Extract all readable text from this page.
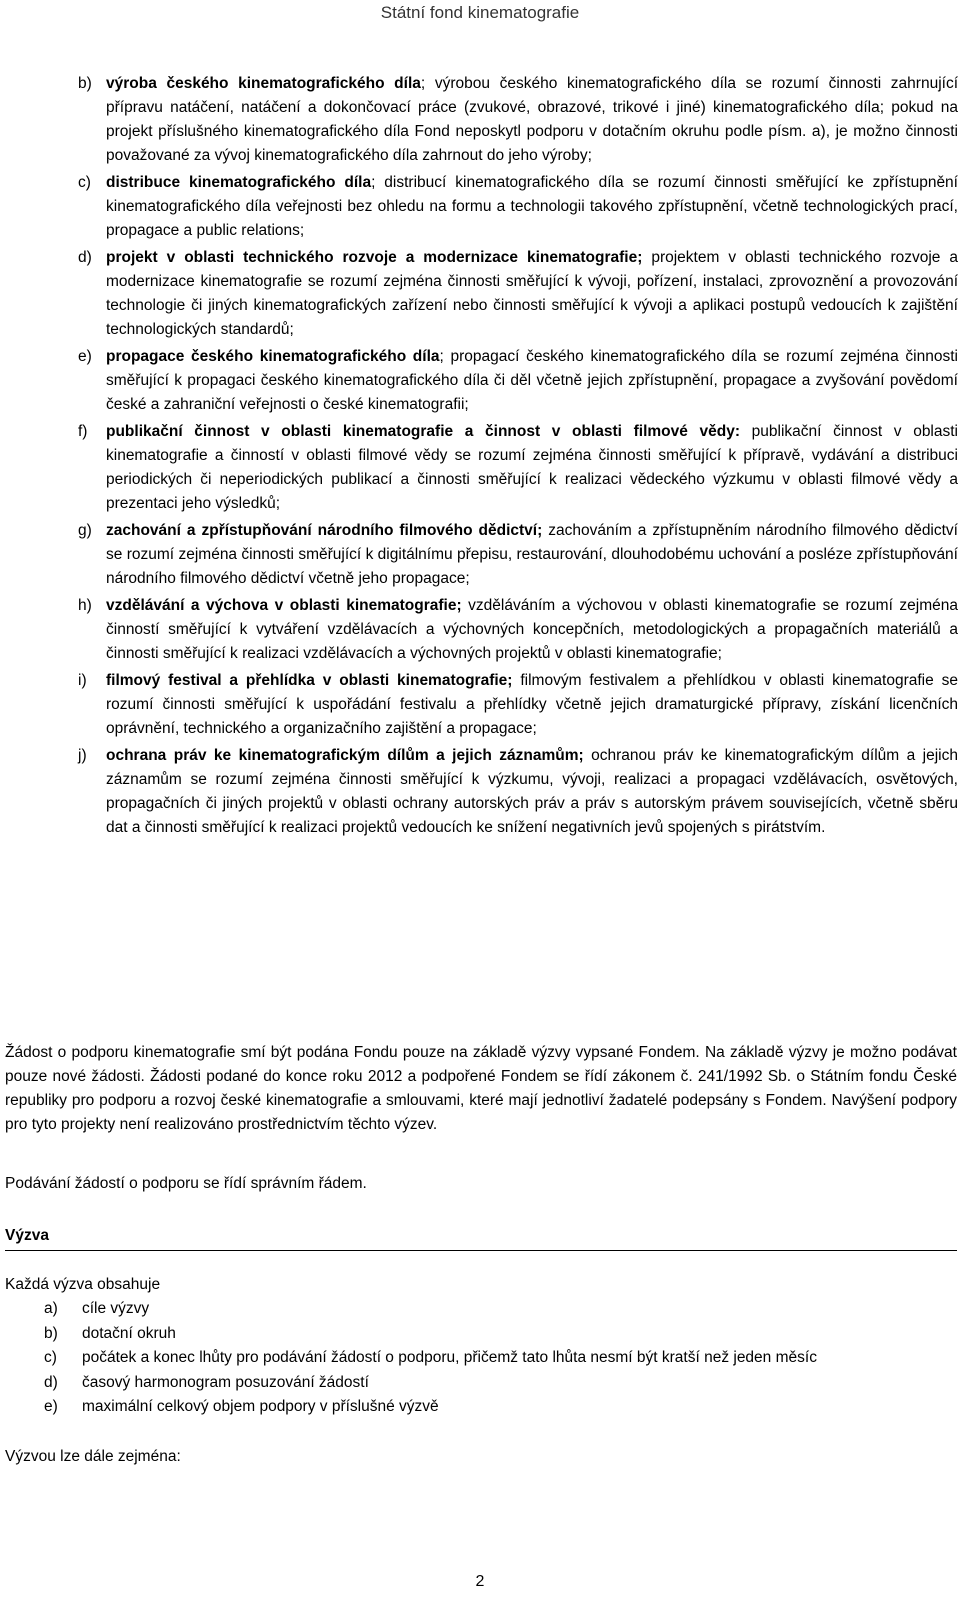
Státní fond kinematografie
b) výroba českého kinematografického díla; výrobou českého kinematografického díla se rozumí činnosti zahrnující přípravu natáčení, natáčení a dokončovací práce (zvukové, obrazové, trikové i jiné) kinematografického díla; pokud na projekt příslušného kinematografického díla Fond neposkytl podporu v dotačním okruhu podle písm. a), je možno činnosti považované za vývoj kinematografického díla zahrnout do jeho výroby;
c) distribuce kinematografického díla; distribucí kinematografického díla se rozumí činnosti směřující ke zpřístupnění kinematografického díla veřejnosti bez ohledu na formu a technologii takového zpřístupnění, včetně technologických prací, propagace a public relations;
d) projekt v oblasti technického rozvoje a modernizace kinematografie; projektem v oblasti technického rozvoje a modernizace kinematografie se rozumí zejména činnosti směřující k vývoji, pořízení, instalaci, zprovoznění a provozování technologie či jiných kinematografických zařízení nebo činnosti směřující k vývoji a aplikaci postupů vedoucích k zajištění technologických standardů;
e) propagace českého kinematografického díla; propagací českého kinematografického díla se rozumí zejména činnosti směřující k propagaci českého kinematografického díla či děl včetně jejich zpřístupnění, propagace a zvyšování povědomí české a zahraniční veřejnosti o české kinematografii;
f) publikační činnost v oblasti kinematografie a činnost v oblasti filmové vědy: publikační činnost v oblasti kinematografie a činností v oblasti filmové vědy se rozumí zejména činnosti směřující k přípravě, vydávání a distribuci periodických či neperiodických publikací a činnosti směřující k realizaci vědeckého výzkumu v oblasti filmové vědy a prezentaci jeho výsledků;
g) zachování a zpřístupňování národního filmového dědictví; zachováním a zpřístupněním národního filmového dědictví se rozumí zejména činnosti směřující k digitálnímu přepisu, restaurování, dlouhodobému uchování a posléze zpřístupňování národního filmového dědictví včetně jeho propagace;
h) vzdělávání a výchova v oblasti kinematografie; vzděláváním a výchovou v oblasti kinematografie se rozumí zejména činností směřující k vytváření vzdělávacích a výchovných koncepčních, metodologických a propagačních materiálů a činnosti směřující k realizaci vzdělávacích a výchovných projektů v oblasti kinematografie;
i) filmový festival a přehlídka v oblasti kinematografie; filmovým festivalem a přehlídkou v oblasti kinematografie se rozumí činnosti směřující k uspořádání festivalu a přehlídky včetně jejich dramaturgické přípravy, získání licenčních oprávnění, technického a organizačního zajištění a propagace;
j) ochrana práv ke kinematografickým dílům a jejich záznamům; ochranou práv ke kinematografickým dílům a jejich záznamům se rozumí zejména činnosti směřující k výzkumu, vývoji, realizaci a propagaci vzdělávacích, osvětových, propagačních či jiných projektů v oblasti ochrany autorských práv a práv s autorským právem souvisejících, včetně sběru dat a činnosti směřující k realizaci projektů vedoucích ke snížení negativních jevů spojených s pirátstvím.
Žádost o podporu kinematografie smí být podána Fondu pouze na základě výzvy vypsané Fondem. Na základě výzvy je možno podávat pouze nové žádosti. Žádosti podané do konce roku 2012 a podpořené Fondem se řídí zákonem č. 241/1992 Sb. o Státním fondu České republiky pro podporu a rozvoj české kinematografie a smlouvami, které mají jednotliví žadatelé podepsány s Fondem. Navýšení podpory pro tyto projekty není realizováno prostřednictvím těchto výzev.
Podávání žádostí o podporu se řídí správním řádem.
Výzva
Každá výzva obsahuje
a) cíle výzvy
b) dotační okruh
c) počátek a konec lhůty pro podávání žádostí o podporu, přičemž tato lhůta nesmí být kratší než jeden měsíc
d) časový harmonogram posuzování žádostí
e) maximální celkový objem podpory v příslušné výzvě
Výzvou lze dále zejména:
2
